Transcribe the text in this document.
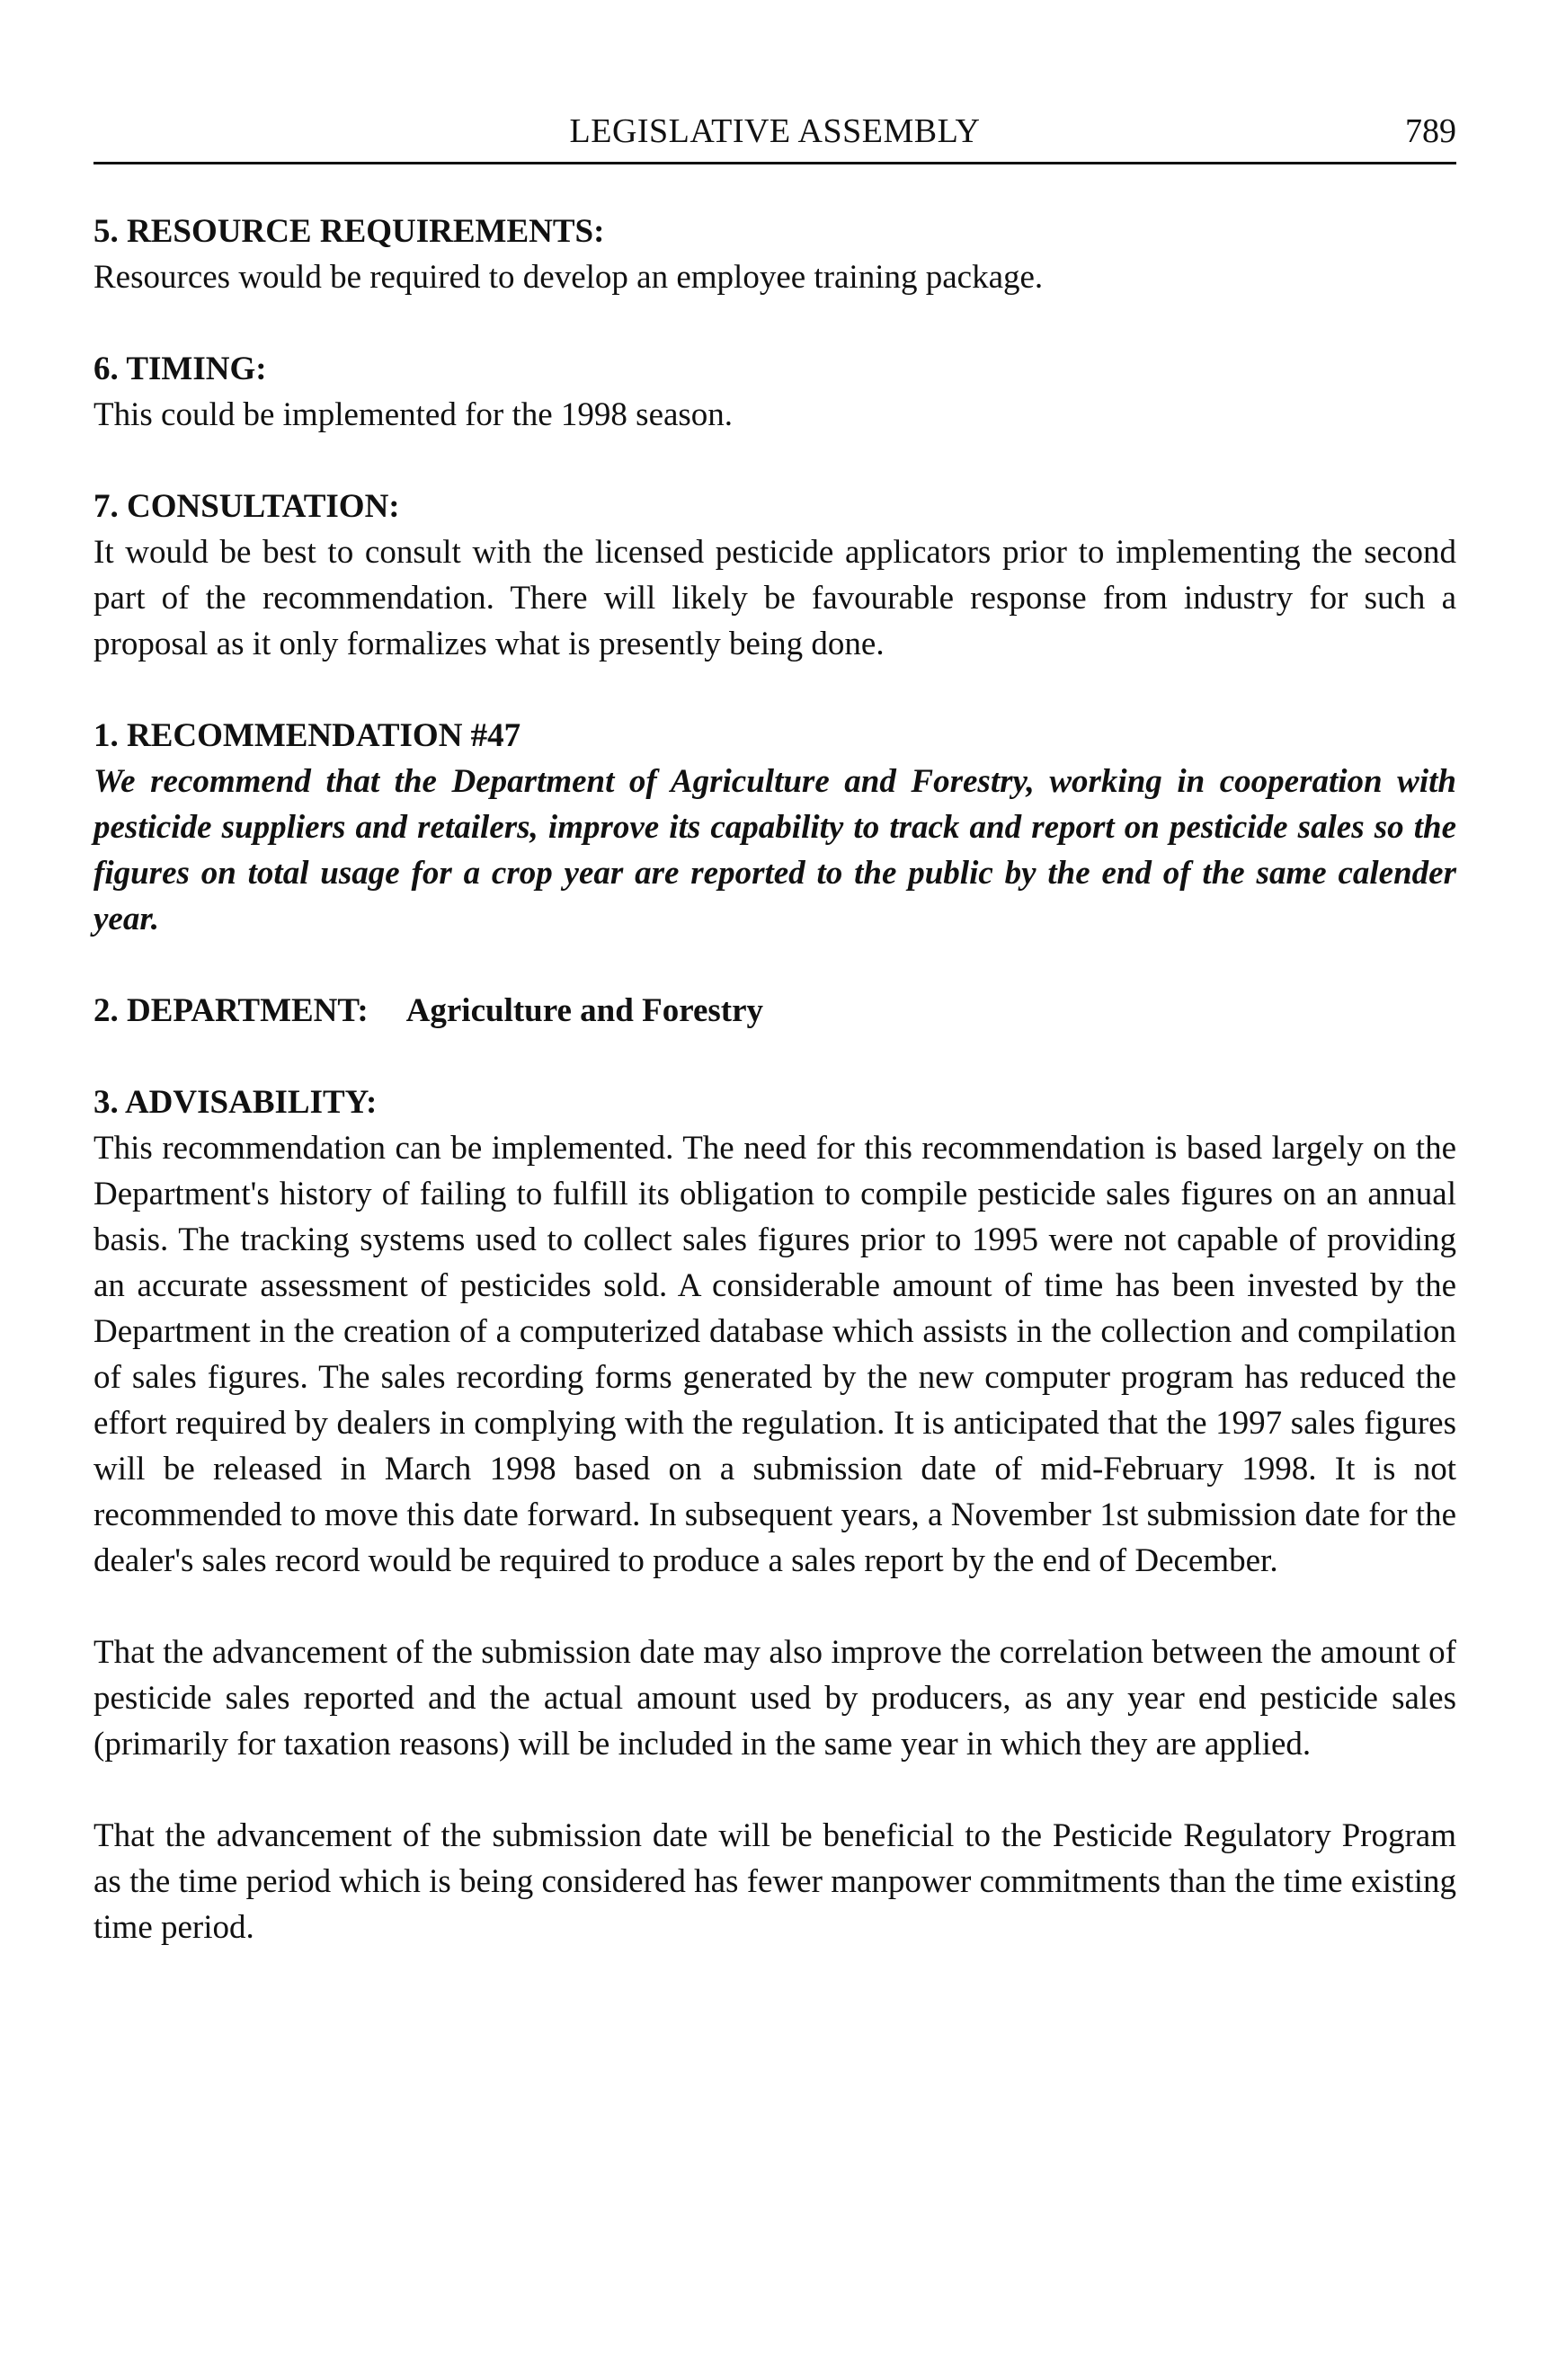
LEGISLATIVE ASSEMBLY	789
5. RESOURCE REQUIREMENTS:
Resources would be required to develop an employee training package.
6. TIMING:
This could be implemented for the 1998 season.
7. CONSULTATION:
It would be best to consult with the licensed pesticide applicators prior to implementing the second part of the recommendation. There will likely be favourable response from industry for such a proposal as it only formalizes what is presently being done.
1. RECOMMENDATION #47
We recommend that the Department of Agriculture and Forestry, working in cooperation with pesticide suppliers and retailers, improve its capability to track and report on pesticide sales so the figures on total usage for a crop year are reported to the public by the end of the same calender year.
2. DEPARTMENT: Agriculture and Forestry
3. ADVISABILITY:
This recommendation can be implemented. The need for this recommendation is based largely on the Department's history of failing to fulfill its obligation to compile pesticide sales figures on an annual basis. The tracking systems used to collect sales figures prior to 1995 were not capable of providing an accurate assessment of pesticides sold. A considerable amount of time has been invested by the Department in the creation of a computerized database which assists in the collection and compilation of sales figures. The sales recording forms generated by the new computer program has reduced the effort required by dealers in complying with the regulation. It is anticipated that the 1997 sales figures will be released in March 1998 based on a submission date of mid-February 1998. It is not recommended to move this date forward. In subsequent years, a November 1st submission date for the dealer's sales record would be required to produce a sales report by the end of December.
That the advancement of the submission date may also improve the correlation between the amount of pesticide sales reported and the actual amount used by producers, as any year end pesticide sales (primarily for taxation reasons) will be included in the same year in which they are applied.
That the advancement of the submission date will be beneficial to the Pesticide Regulatory Program as the time period which is being considered has fewer manpower commitments than the time existing time period.
